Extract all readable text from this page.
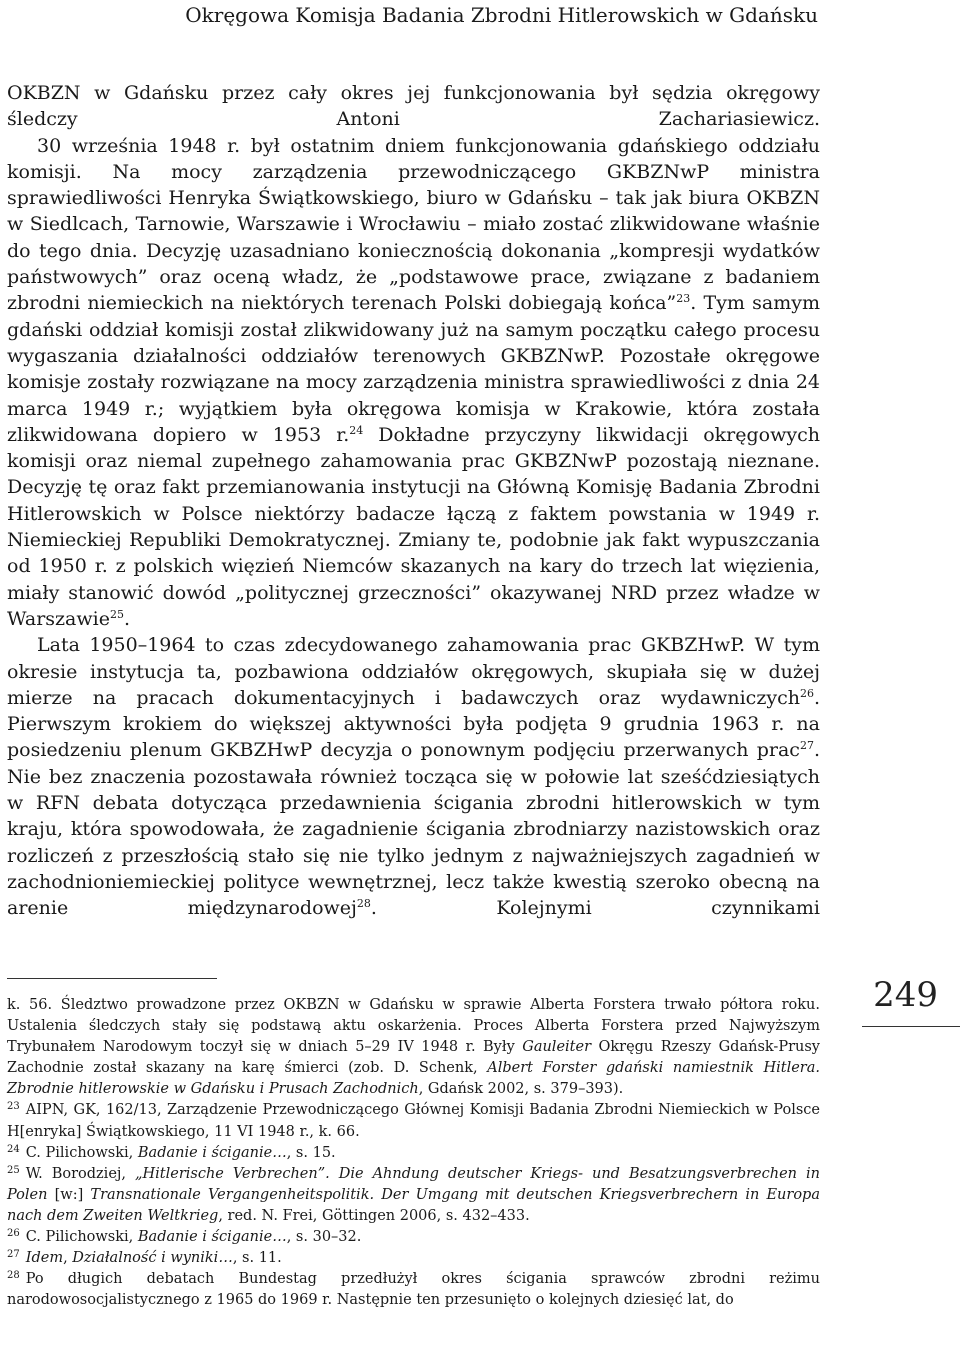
Okręgowa Komisja Badania Zbrodni Hitlerowskich w Gdańsku

OKBZN w Gdańsku przez cały okres jej funkcjonowania był sędzia okręgowy śledczy Antoni Zachariasiewicz.

30 września 1948 r. był ostatnim dniem funkcjonowania gdańskiego oddziału komisji. Na mocy zarządzenia przewodniczącego GKBZNwP ministra sprawiedliwości Henryka Świątkowskiego, biuro w Gdańsku – tak jak biura OKBZN w Siedlcach, Tarnowie, Warszawie i Wrocławiu – miało zostać zlikwidowane właśnie do tego dnia. Decyzję uzasadniano koniecznością dokonania „kompresji wydatków państwowych” oraz oceną władz, że „podstawowe prace, związane z badaniem zbrodni niemieckich na niektórych terenach Polski dobiegają końca”$^{23}$. Tym samym gdański oddział komisji został zlikwidowany już na samym początku całego procesu wygaszania działalności oddziałów terenowych GKBZNwP. Pozostałe okręgowe komisje zostały rozwiązane na mocy zarządzenia ministra sprawiedliwości z dnia 24 marca 1949 r.; wyjątkiem była okręgowa komisja w Krakowie, która została zlikwidowana dopiero w 1953 r.$^{24}$ Dokładne przyczyny likwidacji okręgowych komisji oraz niemal zupełnego zahamowania prac GKBZNwP pozostają nieznane. Decyzję tę oraz fakt przemianowania instytucji na Główną Komisję Badania Zbrodni Hitlerowskich w Polsce niektórzy badacze łączą z faktem powstania w 1949 r. Niemieckiej Republiki Demokratycznej. Zmiany te, podobnie jak fakt wypuszczania od 1950 r. z polskich więzień Niemców skazanych na kary do trzech lat więzienia, miały stanowić dowód „politycznej grzeczności” okazywanej NRD przez władze w Warszawie$^{25}$.

Lata 1950–1964 to czas zdecydowanego zahamowania prac GKBZHwP. W tym okresie instytucja ta, pozbawiona oddziałów okręgowych, skupiała się w dużej mierze na pracach dokumentacyjnych i badawczych oraz wydawniczych$^{26}$. Pierwszym krokiem do większej aktywności była podjęta 9 grudnia 1963 r. na posiedzeniu plenum GKBZHwP decyzja o ponownym podjęciu przerwanych prac$^{27}$. Nie bez znaczenia pozostawała również tocząca się w połowie lat sześćdziesiątych w RFN debata dotycząca przedawnienia ścigania zbrodni hitlerowskich w tym kraju, która spowodowała, że zagadnienie ścigania zbrodniarzy nazistowskich oraz rozliczeń z przeszłością stało się nie tylko jednym z najważniejszych zagadnień w zachodnioniemieckiej polityce wewnętrznej, lecz także kwestią szeroko obecną na arenie międzynarodowej$^{28}$. Kolejnymi czynnikami

k. 56. Śledztwo prowadzone przez OKBZN w Gdańsku w sprawie Alberta Forstera trwało półtora roku. Ustalenia śledczych stały się podstawą aktu oskarżenia. Proces Alberta Forstera przed Najwyższym Trybunałem Narodowym toczył się w dniach 5–29 IV 1948 r. Były Gauleiter Okręgu Rzeszy Gdańsk-Prusy Zachodnie został skazany na karę śmierci (zob. D. Schenk, Albert Forster gdański namiestnik Hitlera. Zbrodnie hitlerowskie w Gdańsku i Prusach Zachodnich, Gdańsk 2002, s. 379–393).

$^{23}$ AIPN, GK, 162/13, Zarządzenie Przewodniczącego Głównej Komisji Badania Zbrodni Niemieckich w Polsce H[enryka] Świątkowskiego, 11 VI 1948 r., k. 66.

$^{24}$ C. Pilichowski, Badanie i ściganie…, s. 15.

$^{25}$ W. Borodziej, „Hitlerische Verbrechen”. Die Ahndung deutscher Kriegs- und Besatzungsverbrechen in Polen [w:] Transnationale Vergangenheitspolitik. Der Umgang mit deutschen Kriegsverbrechern in Europa nach dem Zweiten Weltkrieg, red. N. Frei, Göttingen 2006, s. 432–433.

$^{26}$ C. Pilichowski, Badanie i ściganie…, s. 30–32.

$^{27}$ Idem, Działalność i wyniki…, s. 11.

$^{28}$ Po długich debatach Bundestag przedłużył okres ścigania sprawców zbrodni reżimu narodowosocjalistycznego z 1965 do 1969 r. Następnie ten przesunięto o kolejnych dziesięć lat, do

249
